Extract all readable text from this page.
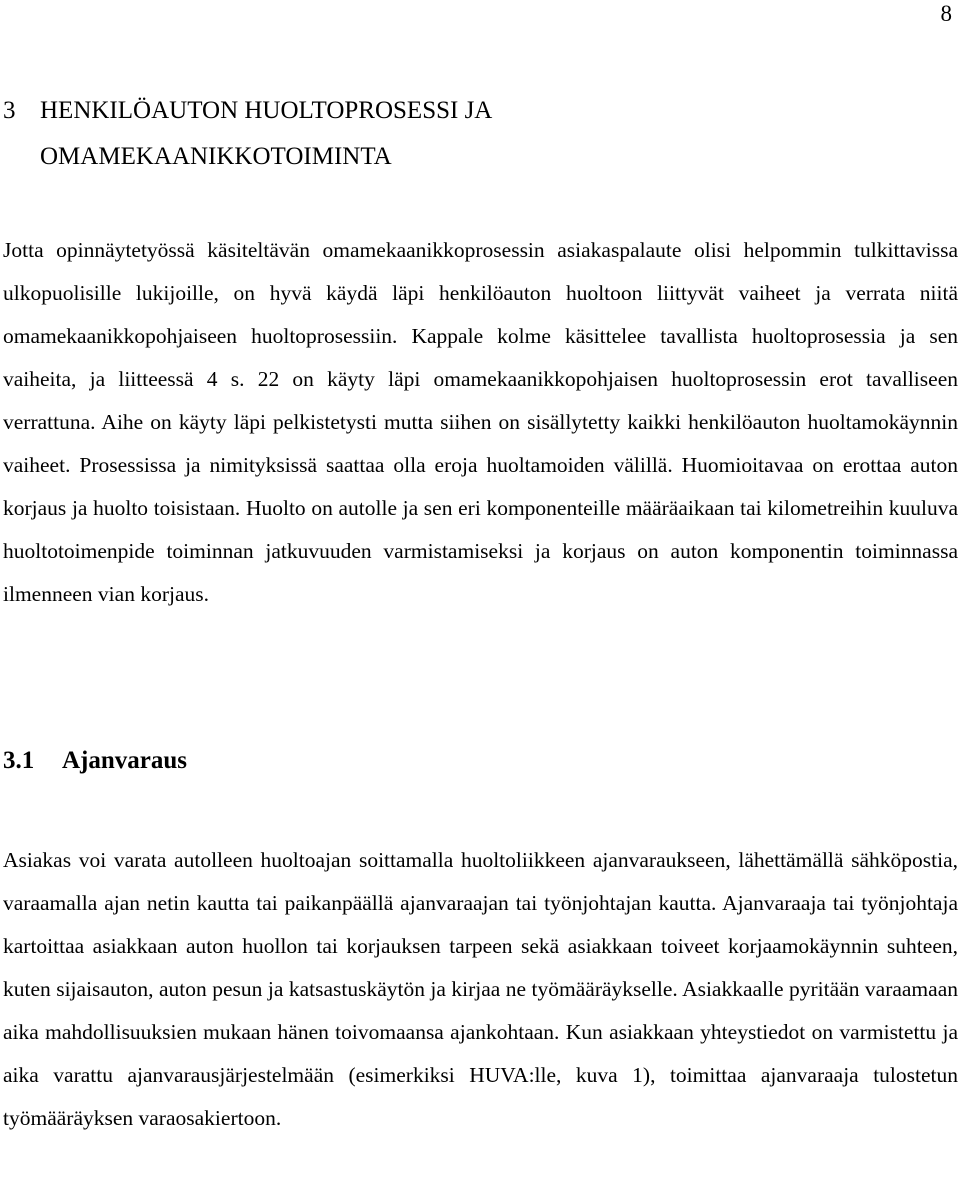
8
3 HENKILÖAUTON HUOLTOPROSESSI JA
OMAMEKAANIKKOTOIMINTA

Jotta opinnäytetyössä käsiteltävän omamekaanikkoprosessin asiakaspalaute olisi helpommin tulkittavissa ulkopuolisille lukijoille, on hyvä käydä läpi henkilöauton huoltoon liittyvät vaiheet ja verrata niitä omamekaanikkopohjaiseen huoltoprosessiin. Kappale kolme käsittelee tavallista huoltoprosessia ja sen vaiheita, ja liitteessä 4 s. 22 on käyty läpi omamekaanikkopohjaisen huoltoprosessin erot tavalliseen verrattuna. Aihe on käyty läpi pelkistetysti mutta siihen on sisällytetty kaikki henkilöauton huoltamokäynnin vaiheet. Prosessissa ja nimityksissä saattaa olla eroja huoltamoiden välillä. Huomioitavaa on erottaa auton korjaus ja huolto toisistaan. Huolto on autolle ja sen eri komponenteille määräaikaan tai kilometreihin kuuluva huoltotoimenpide toiminnan jatkuvuuden varmistamiseksi ja korjaus on auton komponentin toiminnassa ilmenneen vian korjaus.

3.1 Ajanvaraus

Asiakas voi varata autolleen huoltoajan soittamalla huoltoliikkeen ajanvaraukseen, lähettämällä sähköpostia, varaamalla ajan netin kautta tai paikanpäällä ajanvaraajan tai työnjohtajan kautta. Ajanvaraaja tai työnjohtaja kartoittaa asiakkaan auton huollon tai korjauksen tarpeen sekä asiakkaan toiveet korjaamokäynnin suhteen, kuten sijaisauton, auton pesun ja katsastuskäytön ja kirjaa ne työmääräykselle. Asiakkaalle pyritään varaamaan aika mahdollisuuksien mukaan hänen toivomaansa ajankohtaan. Kun asiakkaan yhteystiedot on varmistettu ja aika varattu ajanvarausjärjestelmään (esimerkiksi HUVA:lle, kuva 1), toimittaa ajanvaraaja tulostetun työmääräyksen varaosakiertoon.
